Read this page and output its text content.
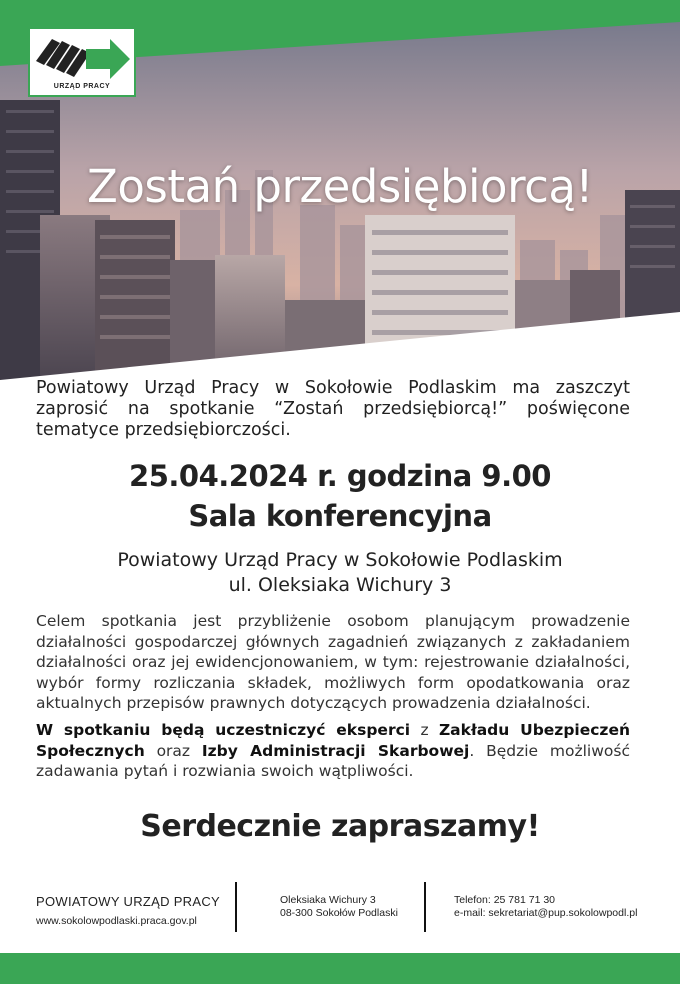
URZĄD PRACY
Zostań przedsiębiorcą!
Powiatowy Urząd Pracy w Sokołowie Podlaskim ma zaszczyt zaprosić na spotkanie “Zostań przedsiębiorcą!” poświęcone tematyce przedsiębiorczości.
25.04.2024 r. godzina 9.00
Sala konferencyjna
Powiatowy Urząd Pracy w Sokołowie Podlaskim
ul. Oleksiaka Wichury 3
Celem spotkania jest przybliżenie osobom planującym prowadzenie działalności gospodarczej głównych zagadnień związanych z zakładaniem działalności oraz jej ewidencjonowaniem, w tym: rejestrowanie działalności, wybór formy rozliczania składek, możliwych form opodatkowania oraz aktualnych przepisów prawnych dotyczących prowadzenia działalności.
W spotkaniu będą uczestniczyć eksperci z Zakładu Ubezpieczeń Społecznych oraz Izby Administracji Skarbowej. Będzie możliwość zadawania pytań i rozwiania swoich wątpliwości.
Serdecznie zapraszamy!
POWIATOWY URZĄD PRACY
www.sokolowpodlaski.praca.gov.pl
Oleksiaka Wichury 3
08-300 Sokołów Podlaski
Telefon: 25 781 71 30
e-mail: sekretariat@pup.sokolowpodl.pl
